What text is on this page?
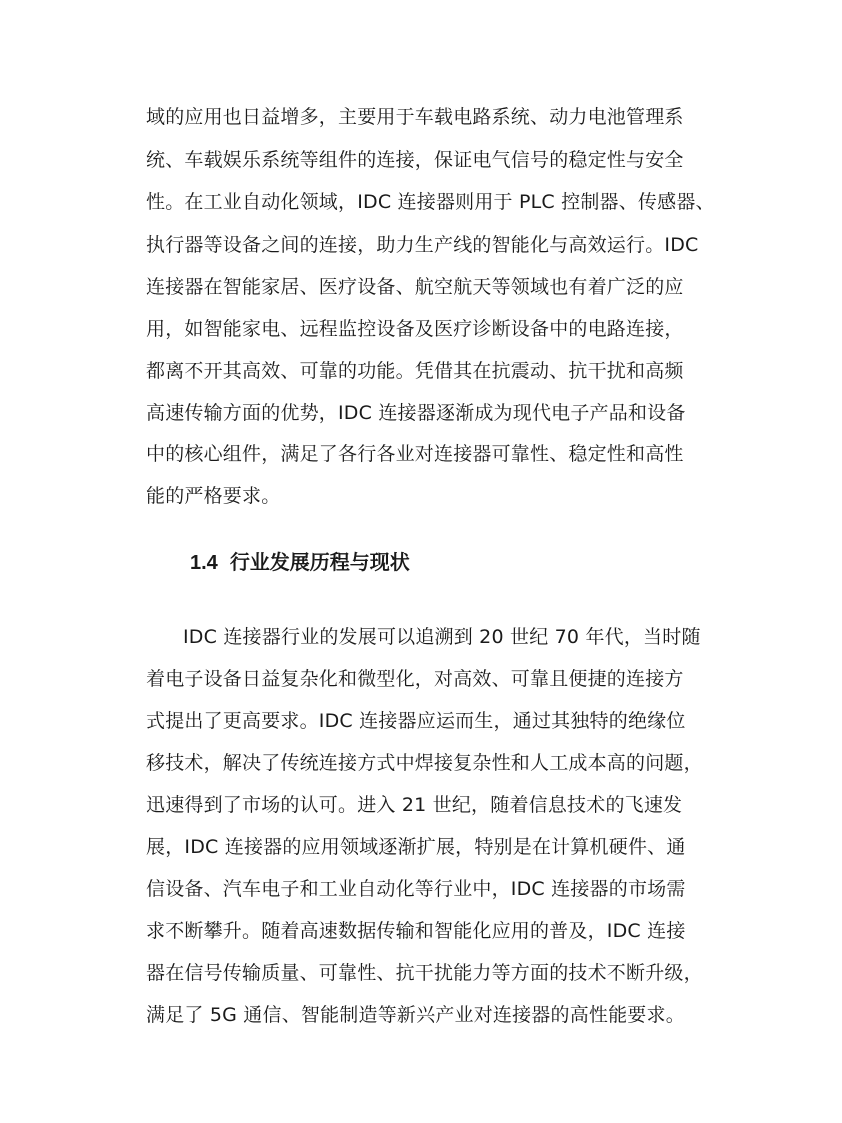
域的应用也日益增多，主要用于车载电路系统、动力电池管理系
统、车载娱乐系统等组件的连接，保证电气信号的稳定性与安全
性。在工业自动化领域，IDC 连接器则用于 PLC 控制器、传感器、
执行器等设备之间的连接，助力生产线的智能化与高效运行。IDC
连接器在智能家居、医疗设备、航空航天等领域也有着广泛的应
用，如智能家电、远程监控设备及医疗诊断设备中的电路连接，
都离不开其高效、可靠的功能。凭借其在抗震动、抗干扰和高频
高速传输方面的优势，IDC 连接器逐渐成为现代电子产品和设备
中的核心组件，满足了各行各业对连接器可靠性、稳定性和高性
能的严格要求。
1.4 行业发展历程与现状
IDC 连接器行业的发展可以追溯到 20 世纪 70 年代，当时随
着电子设备日益复杂化和微型化，对高效、可靠且便捷的连接方
式提出了更高要求。IDC 连接器应运而生，通过其独特的绝缘位
移技术，解决了传统连接方式中焊接复杂性和人工成本高的问题，
迅速得到了市场的认可。进入 21 世纪，随着信息技术的飞速发
展，IDC 连接器的应用领域逐渐扩展，特别是在计算机硬件、通
信设备、汽车电子和工业自动化等行业中，IDC 连接器的市场需
求不断攀升。随着高速数据传输和智能化应用的普及，IDC 连接
器在信号传输质量、可靠性、抗干扰能力等方面的技术不断升级，
满足了 5G 通信、智能制造等新兴产业对连接器的高性能要求。
